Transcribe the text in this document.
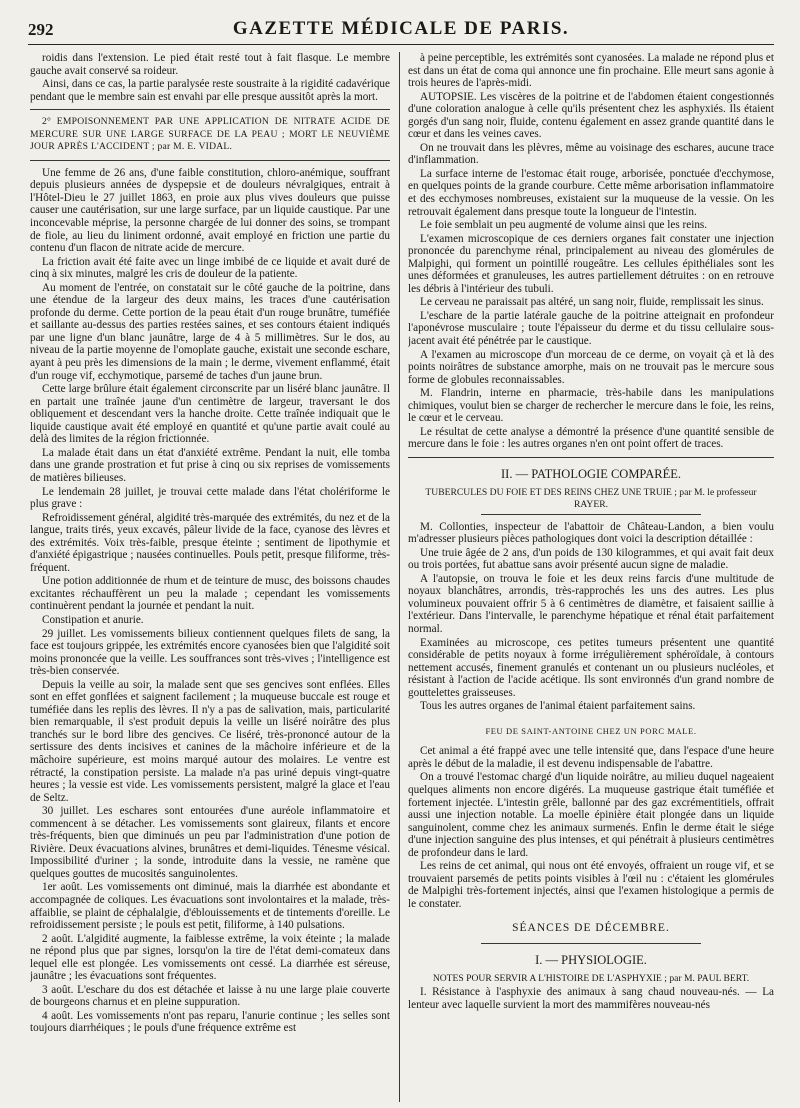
292	GAZETTE MÉDICALE DE PARIS.

roidis dans l'extension. Le pied était resté tout à fait flasque. Le membre gauche avait conservé sa roideur.

Ainsi, dans ce cas, la partie paralysée reste soustraite à la rigidité cadavérique pendant que le membre sain est envahi par elle presque aussitôt après la mort.

2° EMPOISONNEMENT PAR UNE APPLICATION DE NITRATE ACIDE DE MERCURE SUR UNE LARGE SURFACE DE LA PEAU ; MORT LE NEUVIÈME JOUR APRÈS L'ACCIDENT ; par M. E. VIDAL.

Une femme de 26 ans, d'une faible constitution, chloro-anémique, souffrant depuis plusieurs années de dyspepsie et de douleurs névralgiques, entrait à l'Hôtel-Dieu le 27 juillet 1863, en proie aux plus vives douleurs que puisse causer une cautérisation, sur une large surface, par un liquide caustique. Par une inconcevable méprise, la personne chargée de lui donner des soins, se trompant de fiole, au lieu du liniment ordonné, avait employé en friction une partie du contenu d'un flacon de nitrate acide de mercure.

La friction avait été faite avec un linge imbibé de ce liquide et avait duré de cinq à six minutes, malgré les cris de douleur de la patiente.

Au moment de l'entrée, on constatait sur le côté gauche de la poitrine, dans une étendue de la largeur des deux mains, les traces d'une cautérisation profonde du derme. Cette portion de la peau était d'un rouge brunâtre, tuméfiée et saillante au-dessus des parties restées saines, et ses contours étaient indiqués par une ligne d'un blanc jaunâtre, large de 4 à 5 millimètres. Sur le dos, au niveau de la partie moyenne de l'omoplate gauche, existait une seconde eschare, ayant à peu près les dimensions de la main ; le derme, vivement enflammé, était d'un rouge vif, ecchymotique, parsemé de taches d'un jaune brun.

Cette large brûlure était également circonscrite par un liséré blanc jaunâtre. Il en partait une traînée jaune d'un centimètre de largeur, traversant le dos obliquement et descendant vers la hanche droite. Cette traînée indiquait que le liquide caustique avait été employé en quantité et qu'une partie avait coulé au delà des limites de la région frictionnée.

La malade était dans un état d'anxiété extrême. Pendant la nuit, elle tomba dans une grande prostration et fut prise à cinq ou six reprises de vomissements de matières bilieuses.

Le lendemain 28 juillet, je trouvai cette malade dans l'état cholériforme le plus grave :

Refroidissement général, algidité très-marquée des extrémités, du nez et de la langue, traits tirés, yeux excavés, pâleur livide de la face, cyanose des lèvres et des extrémités. Voix très-faible, presque éteinte ; sentiment de lipothymie et d'anxiété épigastrique ; nausées continuelles. Pouls petit, presque filiforme, très-fréquent.

Une potion additionnée de rhum et de teinture de musc, des boissons chaudes excitantes réchauffèrent un peu la malade ; cependant les vomissements continuèrent pendant la journée et pendant la nuit.

Constipation et anurie.

29 juillet. Les vomissements bilieux contiennent quelques filets de sang, la face est toujours grippée, les extrémités encore cyanosées bien que l'algidité soit moins prononcée que la veille. Les souffrances sont très-vives ; l'intelligence est très-bien conservée.

Depuis la veille au soir, la malade sent que ses gencives sont enflées. Elles sont en effet gonflées et saignent facilement ; la muqueuse buccale est rouge et tuméfiée dans les replis des lèvres. Il n'y a pas de salivation, mais, particularité bien remarquable, il s'est produit depuis la veille un liséré noirâtre des plus tranchés sur le bord libre des gencives. Ce liséré, très-prononcé autour de la sertissure des dents incisives et canines de la mâchoire inférieure et de la mâchoire supérieure, est moins marqué autour des molaires. Le ventre est rétracté, la constipation persiste. La malade n'a pas uriné depuis vingt-quatre heures ; la vessie est vide. Les vomissements persistent, malgré la glace et l'eau de Seltz.

30 juillet. Les eschares sont entourées d'une auréole inflammatoire et commencent à se détacher. Les vomissements sont glaireux, filants et encore très-fréquents, bien que diminués un peu par l'administration d'une potion de Rivière. Deux évacuations alvines, brunâtres et demi-liquides. Ténesme vésical. Impossibilité d'uriner ; la sonde, introduite dans la vessie, ne ramène que quelques gouttes de mucosités sanguinolentes.

1er août. Les vomissements ont diminué, mais la diarrhée est abondante et accompagnée de coliques. Les évacuations sont involontaires et la malade, très-affaiblie, se plaint de céphalalgie, d'éblouissements et de tintements d'oreille. Le refroidissement persiste ; le pouls est petit, filiforme, à 140 pulsations.

2 août. L'algidité augmente, la faiblesse extrême, la voix éteinte ; la malade ne répond plus que par signes, lorsqu'on la tire de l'état demi-comateux dans lequel elle est plongée. Les vomissements ont cessé. La diarrhée est séreuse, jaunâtre ; les évacuations sont fréquentes.

3 août. L'eschare du dos est détachée et laisse à nu une large plaie couverte de bourgeons charnus et en pleine suppuration.

4 août. Les vomissements n'ont pas reparu, l'anurie continue ; les selles sont toujours diarrhéiques ; le pouls d'une fréquence extrême est

à peine perceptible, les extrémités sont cyanosées. La malade ne répond plus et est dans un état de coma qui annonce une fin prochaine. Elle meurt sans agonie à trois heures de l'après-midi.

AUTOPSIE. Les viscères de la poitrine et de l'abdomen étaient congestionnés d'une coloration analogue à celle qu'ils présentent chez les asphyxiés. Ils étaient gorgés d'un sang noir, fluide, contenu également en assez grande quantité dans le cœur et dans les veines caves.

On ne trouvait dans les plèvres, même au voisinage des eschares, aucune trace d'inflammation.

La surface interne de l'estomac était rouge, arborisée, ponctuée d'ecchymose, en quelques points de la grande courbure. Cette même arborisation inflammatoire et des ecchymoses nombreuses, existaient sur la muqueuse de la vessie. On les retrouvait également dans presque toute la longueur de l'intestin.

Le foie semblait un peu augmenté de volume ainsi que les reins.

L'examen microscopique de ces derniers organes fait constater une injection prononcée du parenchyme rénal, principalement au niveau des glomérules de Malpighi, qui forment un pointillé rougeâtre. Les cellules épithéliales sont les unes déformées et granuleuses, les autres partiellement détruites : on en retrouve les débris à l'intérieur des tubuli.

Le cerveau ne paraissait pas altéré, un sang noir, fluide, remplissait les sinus.

L'eschare de la partie latérale gauche de la poitrine atteignait en profondeur l'aponévrose musculaire ; toute l'épaisseur du derme et du tissu cellulaire sous-jacent avait été pénétrée par le caustique.

A l'examen au microscope d'un morceau de ce derme, on voyait çà et là des points noirâtres de substance amorphe, mais on ne trouvait pas le mercure sous forme de globules reconnaissables.

M. Flandrin, interne en pharmacie, très-habile dans les manipulations chimiques, voulut bien se charger de rechercher le mercure dans le foie, les reins, le cœur et le cerveau.

Le résultat de cette analyse a démontré la présence d'une quantité sensible de mercure dans le foie : les autres organes n'en ont point offert de traces.

II. — PATHOLOGIE COMPARÉE.

TUBERCULES DU FOIE ET DES REINS CHEZ UNE TRUIE ; par M. le professeur RAYER.

M. Collonties, inspecteur de l'abattoir de Château-Landon, a bien voulu m'adresser plusieurs pièces pathologiques dont voici la description détaillée :

Une truie âgée de 2 ans, d'un poids de 130 kilogrammes, et qui avait fait deux ou trois portées, fut abattue sans avoir présenté aucun signe de maladie.

A l'autopsie, on trouva le foie et les deux reins farcis d'une multitude de noyaux blanchâtres, arrondis, très-rapprochés les uns des autres. Les plus volumineux pouvaient offrir 5 à 6 centimètres de diamètre, et faisaient saillie à l'extérieur. Dans l'intervalle, le parenchyme hépatique et rénal était parfaitement normal.

Examinées au microscope, ces petites tumeurs présentent une quantité considérable de petits noyaux à forme irrégulièrement sphéroïdale, à contours nettement accusés, finement granulés et contenant un ou plusieurs nucléoles, et résistant à l'action de l'acide acétique. Ils sont environnés d'un grand nombre de gouttelettes graisseuses.

Tous les autres organes de l'animal étaient parfaitement sains.

FEU DE SAINT-ANTOINE CHEZ UN PORC MALE.

Cet animal a été frappé avec une telle intensité que, dans l'espace d'une heure après le début de la maladie, il est devenu indispensable de l'abattre.

On a trouvé l'estomac chargé d'un liquide noirâtre, au milieu duquel nageaient quelques aliments non encore digérés. La muqueuse gastrique était tuméfiée et fortement injectée. L'intestin grêle, ballonné par des gaz excrémentitiels, offrait aussi une injection notable. La moelle épinière était plongée dans un liquide sanguinolent, comme chez les animaux surmenés. Enfin le derme était le siége d'une injection sanguine des plus intenses, et qui pénétrait à plusieurs centimètres de profondeur dans le lard.

Les reins de cet animal, qui nous ont été envoyés, offraient un rouge vif, et se trouvaient parsemés de petits points visibles à l'œil nu : c'étaient les glomérules de Malpighi très-fortement injectés, ainsi que l'examen histologique a permis de le constater.

SÉANCES DE DÉCEMBRE.

I. — PHYSIOLOGIE.

NOTES POUR SERVIR A L'HISTOIRE DE L'ASPHYXIE ; par M. PAUL BERT.

I. Résistance à l'asphyxie des animaux à sang chaud nouveau-nés. — La lenteur avec laquelle survient la mort des mammifères nouveau-nés
